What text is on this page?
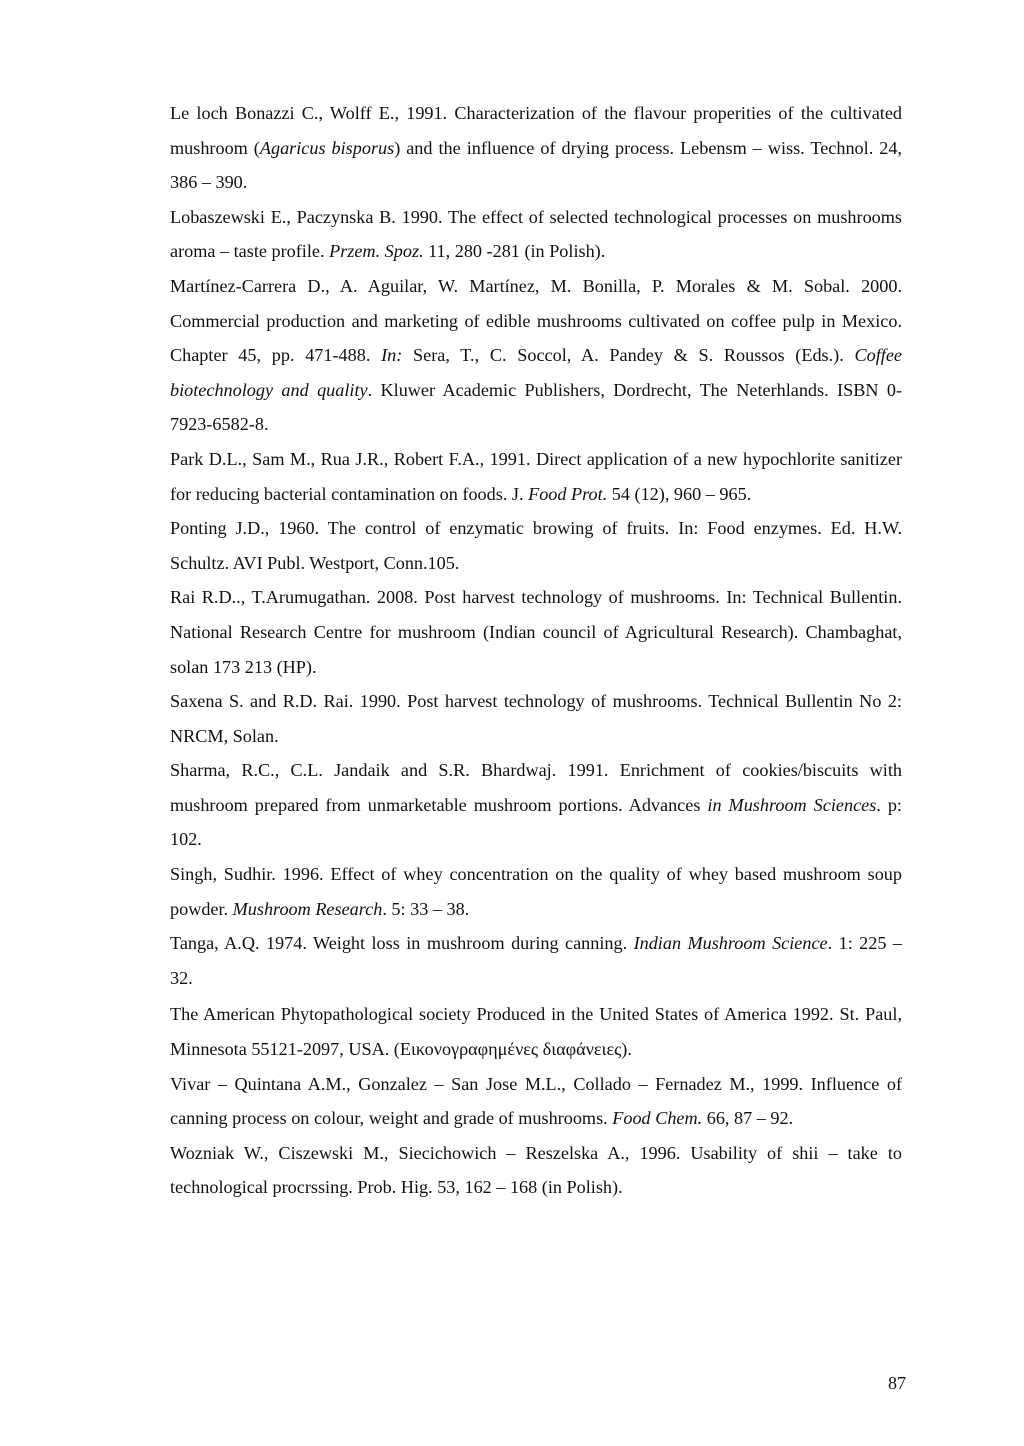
Le loch Bonazzi C., Wolff E., 1991. Characterization of the flavour properities of the cultivated mushroom (Agaricus bisporus) and the influence of drying process. Lebensm – wiss. Technol. 24, 386 – 390.
Lobaszewski E., Paczynska B. 1990. The effect of selected technological processes on mushrooms aroma – taste profile. Przem. Spoz. 11, 280 -281 (in Polish).
Martínez-Carrera D., A. Aguilar, W. Martínez, M. Bonilla, P. Morales & M. Sobal. 2000. Commercial production and marketing of edible mushrooms cultivated on coffee pulp in Mexico. Chapter 45, pp. 471-488. In: Sera, T., C. Soccol, A. Pandey & S. Roussos (Eds.). Coffee biotechnology and quality. Kluwer Academic Publishers, Dordrecht, The Neterhlands. ISBN 0-7923-6582-8.
Park D.L., Sam M., Rua J.R., Robert F.A., 1991. Direct application of a new hypochlorite sanitizer for reducing bacterial contamination on foods. J. Food Prot. 54 (12), 960 – 965.
Ponting J.D., 1960. The control of enzymatic browing of fruits. In: Food enzymes. Ed. H.W. Schultz. AVI Publ. Westport, Conn.105.
Rai R.D.., T.Arumugathan. 2008. Post harvest technology of mushrooms. In: Technical Bullentin. National Research Centre for mushroom (Indian council of Agricultural Research). Chambaghat, solan 173 213 (HP).
Saxena S. and R.D. Rai. 1990. Post harvest technology of mushrooms. Technical Bullentin No 2: NRCM, Solan.
Sharma, R.C., C.L. Jandaik and S.R. Bhardwaj. 1991. Enrichment of cookies/biscuits with mushroom prepared from unmarketable mushroom portions. Advances in Mushroom Sciences. p: 102.
Singh, Sudhir. 1996. Effect of whey concentration on the quality of whey based mushroom soup powder. Mushroom Research. 5: 33 – 38.
Tanga, A.Q. 1974. Weight loss in mushroom during canning. Indian Mushroom Science. 1: 225 – 32.
The American Phytopathological society Produced in the United States of America 1992. St. Paul, Minnesota 55121-2097, USA. (Εικονογραφημένες διαφάνειες).
Vivar – Quintana A.M., Gonzalez – San Jose M.L., Collado – Fernadez M., 1999. Influence of canning process on colour, weight and grade of mushrooms. Food Chem. 66, 87 – 92.
Wozniak W., Ciszewski M., Siecichowich – Reszelska A., 1996. Usability of shii – take to technological procrssing. Prob. Hig. 53, 162 – 168 (in Polish).
87
